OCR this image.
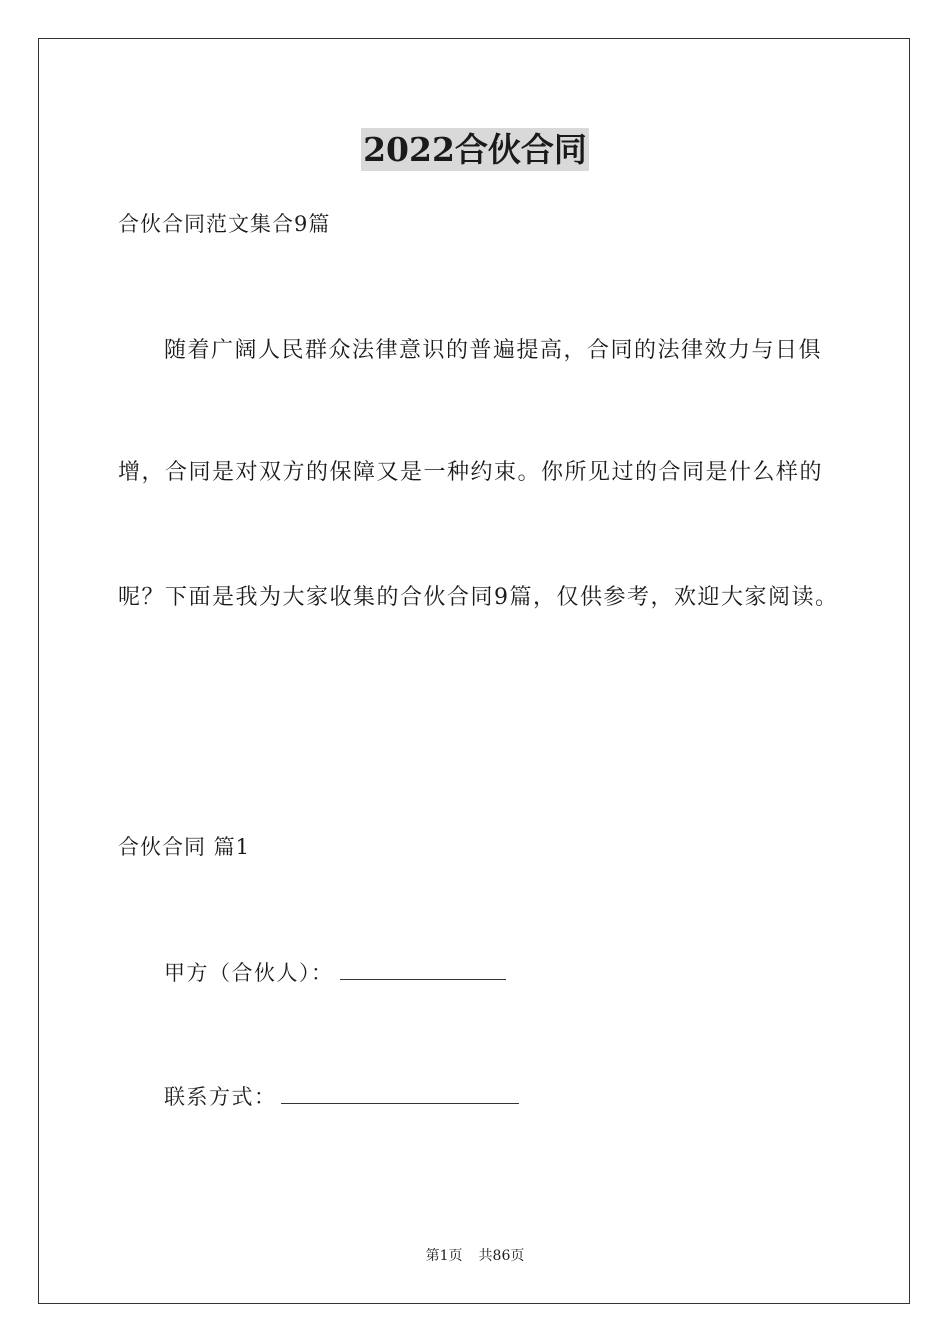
2022合伙合同
合伙合同范文集合9篇
随着广阔人民群众法律意识的普遍提高，合同的法律效力与日俱
增，合同是对双方的保障又是一种约束。你所见过的合同是什么样的
呢？下面是我为大家收集的合伙合同9篇，仅供参考，欢迎大家阅读。
合伙合同 篇1
甲方（合伙人）：
联系方式：
第1页 共86页
